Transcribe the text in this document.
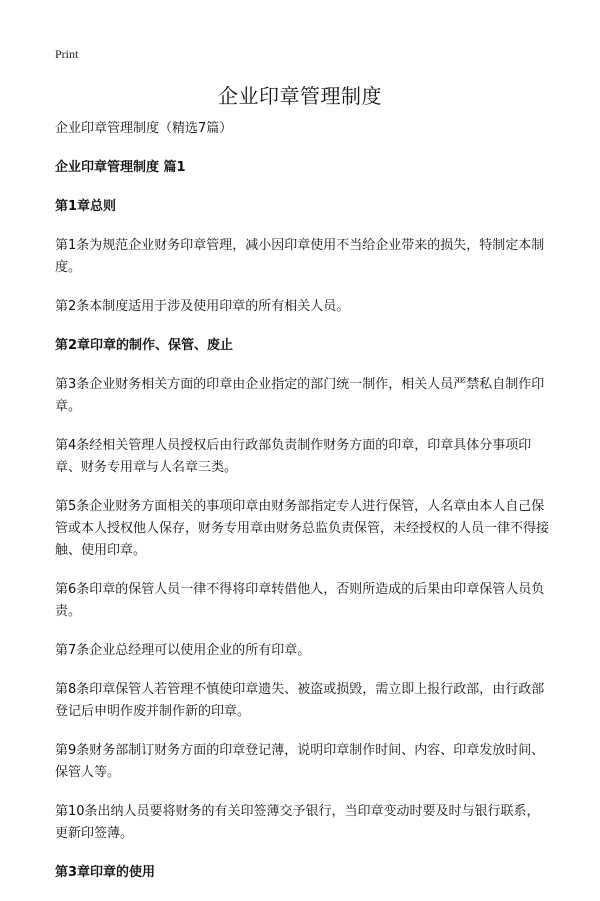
Print
企业印章管理制度

企业印章管理制度（精选7篇）

企业印章管理制度 篇1

第1章总则

第1条为规范企业财务印章管理，减小因印章使用不当给企业带来的损失，特制定本制度。

第2条本制度适用于涉及使用印章的所有相关人员。

第2章印章的制作、保管、废止

第3条企业财务相关方面的印章由企业指定的部门统一制作，相关人员严禁私自制作印章。

第4条经相关管理人员授权后由行政部负责制作财务方面的印章，印章具体分事项印章、财务专用章与人名章三类。

第5条企业财务方面相关的事项印章由财务部指定专人进行保管，人名章由本人自己保管或本人授权他人保存，财务专用章由财务总监负责保管，未经授权的人员一律不得接触、使用印章。

第6条印章的保管人员一律不得将印章转借他人，否则所造成的后果由印章保管人员负责。

第7条企业总经理可以使用企业的所有印章。

第8条印章保管人若管理不慎使印章遗失、被盗或损毁，需立即上报行政部，由行政部登记后申明作废并制作新的印章。

第9条财务部制订财务方面的印章登记薄，说明印章制作时间、内容、印章发放时间、保管人等。

第10条出纳人员要将财务的有关印签薄交予银行，当印章变动时要及时与银行联系，更新印签薄。

第3章印章的使用
